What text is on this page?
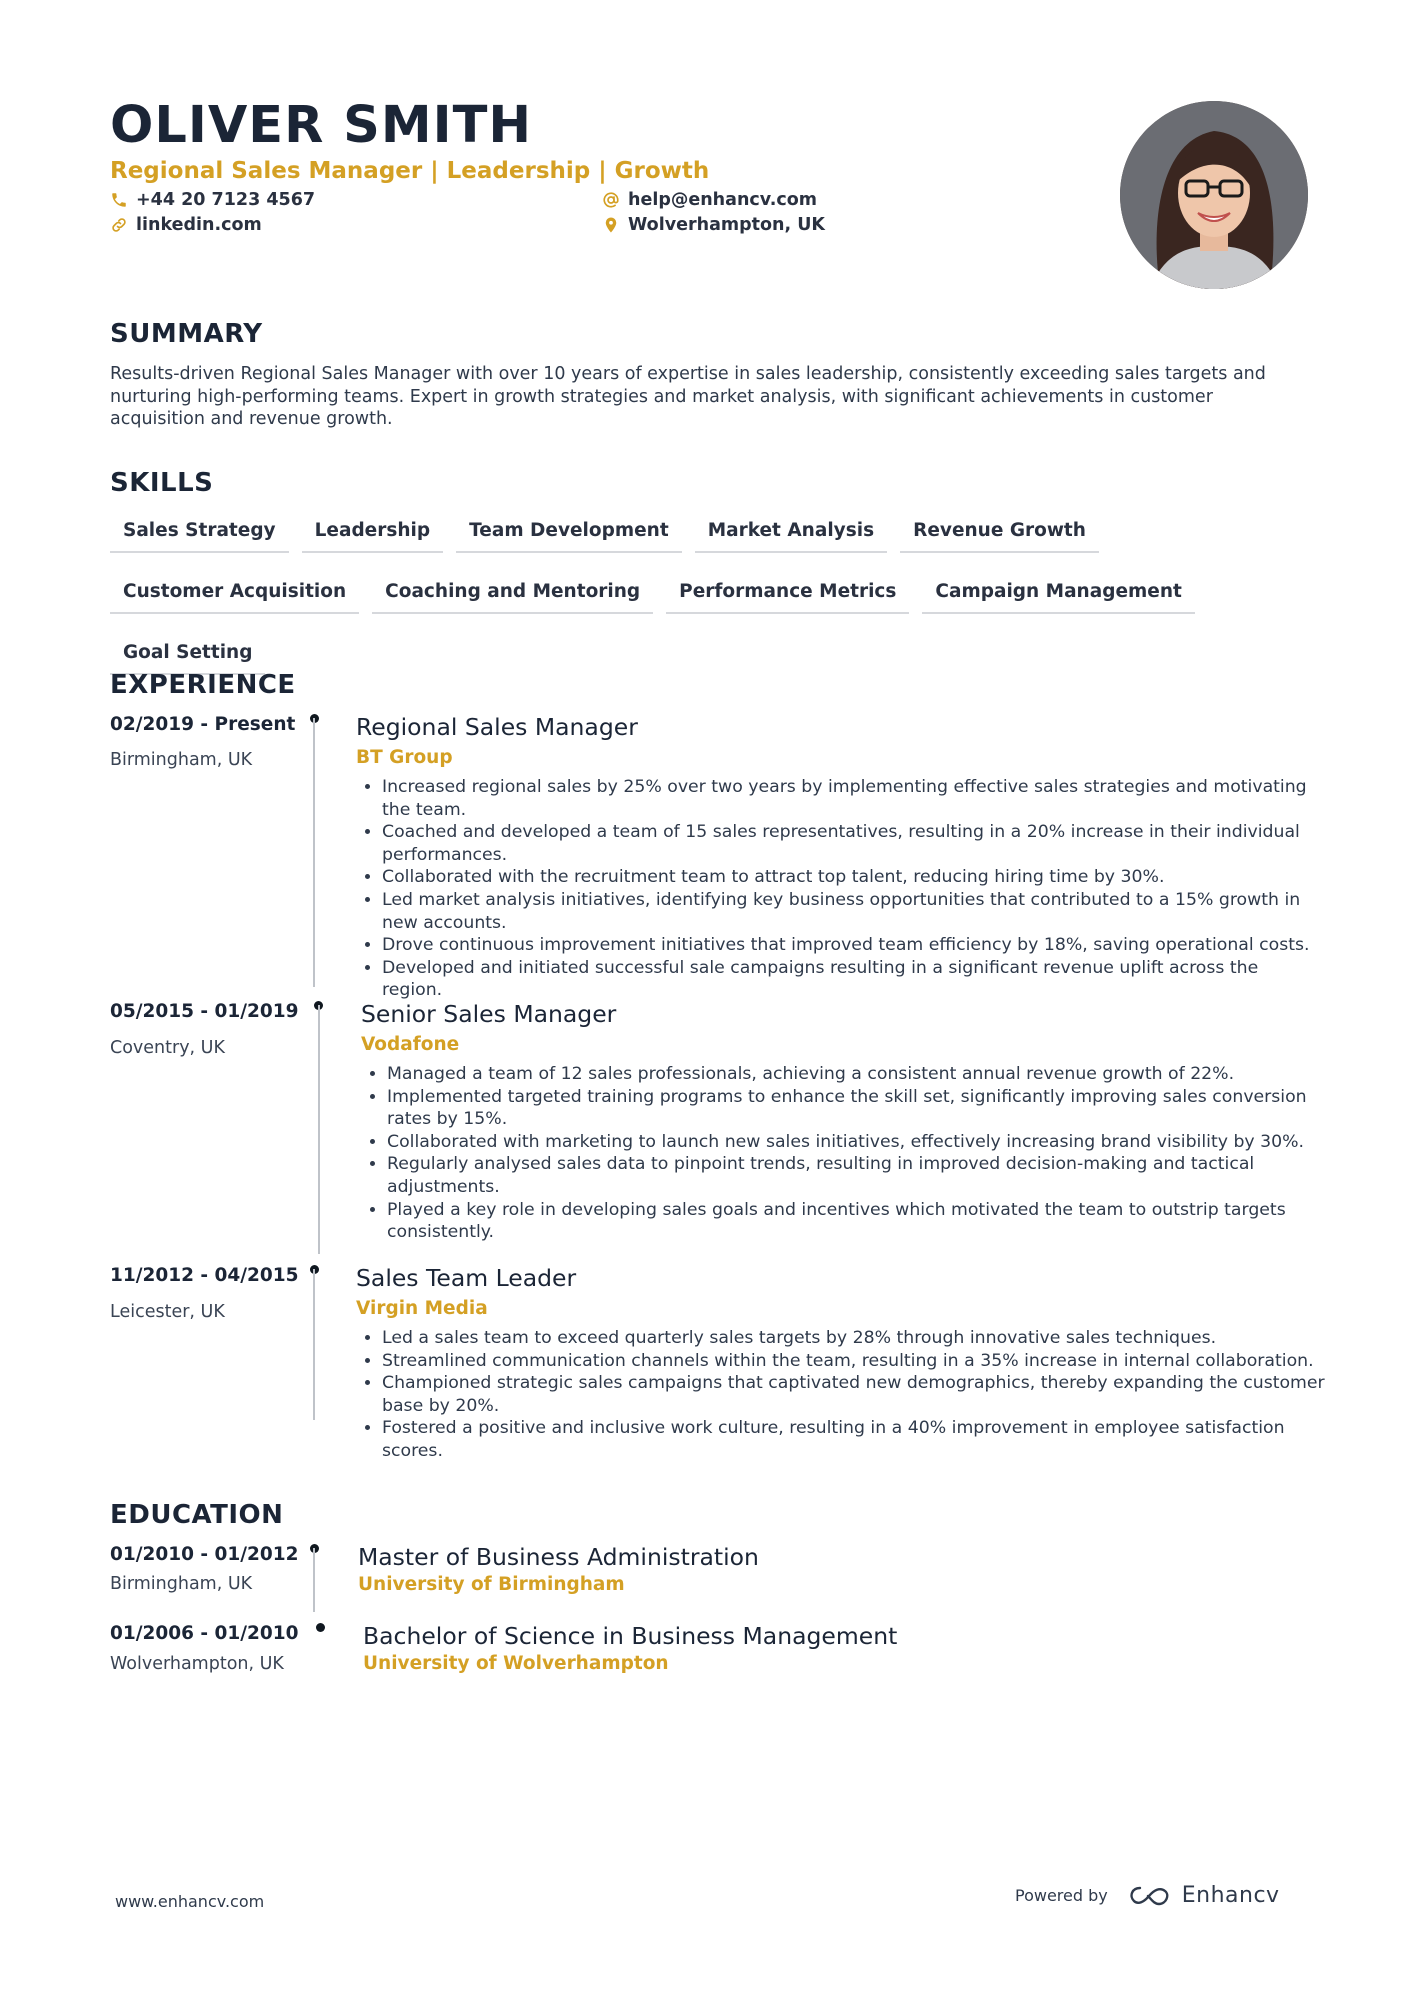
OLIVER SMITH
Regional Sales Manager | Leadership | Growth
+44 20 7123 4567
linkedin.com
help@enhancv.com
Wolverhampton, UK
SUMMARY

Results-driven Regional Sales Manager with over 10 years of expertise in sales leadership, consistently exceeding sales targets and nurturing high-performing teams. Expert in growth strategies and market analysis, with significant achievements in customer acquisition and revenue growth.

SKILLS
Sales Strategy	Leadership	Team Development	Market Analysis	Revenue Growth
Customer Acquisition	Coaching and Mentoring	Performance Metrics	Campaign Management
Goal Setting
EXPERIENCE
02/2019 - Present
Birmingham, UK
Regional Sales Manager
BT Group
• Increased regional sales by 25% over two years by implementing effective sales strategies and motivating the team.
• Coached and developed a team of 15 sales representatives, resulting in a 20% increase in their individual performances.
• Collaborated with the recruitment team to attract top talent, reducing hiring time by 30%.
• Led market analysis initiatives, identifying key business opportunities that contributed to a 15% growth in new accounts.
• Drove continuous improvement initiatives that improved team efficiency by 18%, saving operational costs.
• Developed and initiated successful sale campaigns resulting in a significant revenue uplift across the region.
05/2015 - 01/2019
Coventry, UK
Senior Sales Manager
Vodafone
• Managed a team of 12 sales professionals, achieving a consistent annual revenue growth of 22%.
• Implemented targeted training programs to enhance the skill set, significantly improving sales conversion rates by 15%.
• Collaborated with marketing to launch new sales initiatives, effectively increasing brand visibility by 30%.
• Regularly analysed sales data to pinpoint trends, resulting in improved decision-making and tactical adjustments.
• Played a key role in developing sales goals and incentives which motivated the team to outstrip targets consistently.
11/2012 - 04/2015
Leicester, UK
Sales Team Leader
Virgin Media
• Led a sales team to exceed quarterly sales targets by 28% through innovative sales techniques.
• Streamlined communication channels within the team, resulting in a 35% increase in internal collaboration.
• Championed strategic sales campaigns that captivated new demographics, thereby expanding the customer base by 20%.
• Fostered a positive and inclusive work culture, resulting in a 40% improvement in employee satisfaction scores.
EDUCATION
01/2010 - 01/2012
Birmingham, UK
Master of Business Administration
University of Birmingham
01/2006 - 01/2010
Wolverhampton, UK
Bachelor of Science in Business Management
University of Wolverhampton
www.enhancv.com	Powered by	Enhancv
